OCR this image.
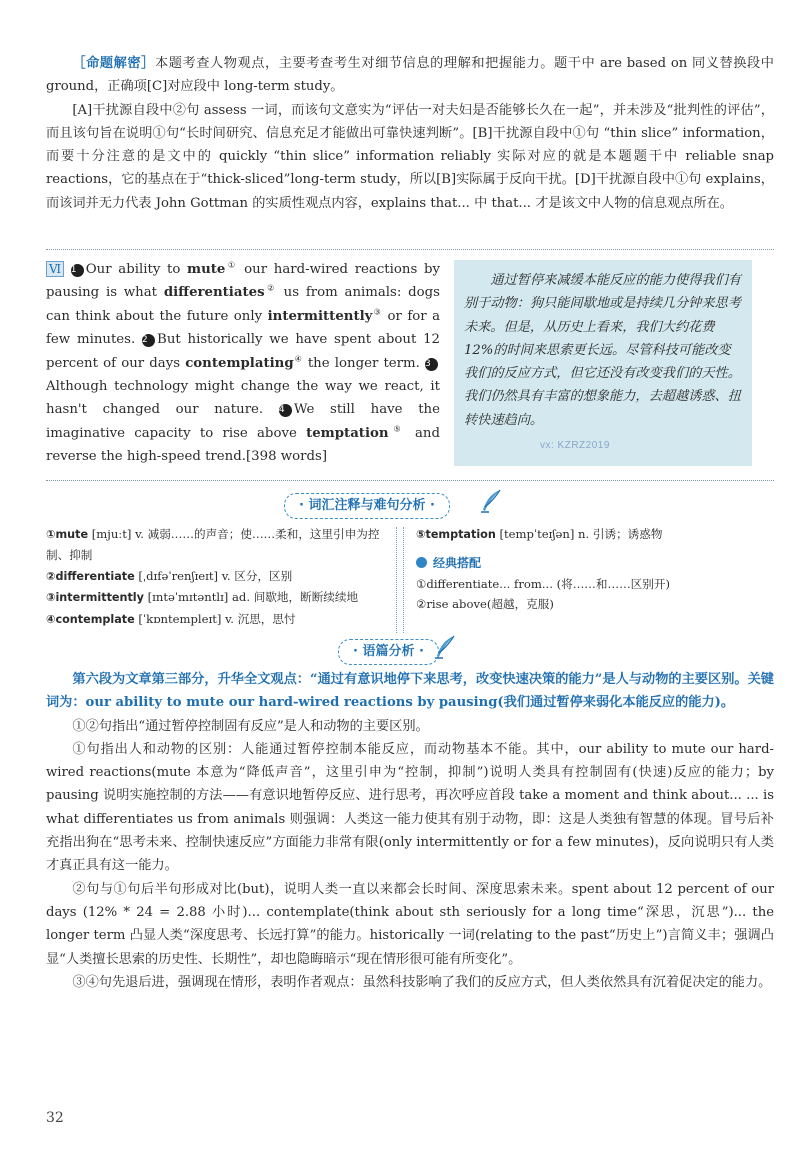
［命题解密］本题考查人物观点，主要考查考生对细节信息的理解和把握能力。题干中 are based on 同义替换段中 ground，正确项[C]对应段中 long-term study。

[A]干扰源自段中②句 assess 一词，而该句文意实为“评估一对夫妇是否能够长久在一起”，并未涉及“批判性的评估”，而且该句旨在说明①句“长时间研究、信息充足才能做出可靠快速判断”。[B]干扰源自段中①句 “thin slice” information，而要十分注意的是文中的 quickly “thin slice” information reliably 实际对应的就是本题题干中 reliable snap reactions，它的基点在于“thick-sliced”long-term study，所以[B]实际属于反向干扰。[D]干扰源自段中①句 explains，而该词并无力代表 John Gottman 的实质性观点内容，explains that... 中 that... 才是该文中人物的信息观点所在。

Ⅵ 1 Our ability to mute① our hard-wired reactions by pausing is what differentiates② us from animals: dogs can think about the future only intermittently③ or for a few minutes. 2 But historically we have spent about 12 percent of our days contemplating④ the longer term. 3Although technology might change the way we react, it hasn't changed our nature. 4 We still have the imaginative capacity to rise above temptation⑤ and reverse the high-speed trend.[398 words]
通过暂停来减缓本能反应的能力使得我们有别于动物：狗只能间歇地或是持续几分钟来思考未来。但是，从历史上看来，我们大约花费12%的时间来思索更长远。尽管科技可能改变我们的反应方式，但它还没有改变我们的天性。我们仍然具有丰富的想象能力，去超越诱惑、扭转快速趋向。
vx: KZRZ2019
· 词汇注释与难句分析 ·
①mute [mjuːt] v. 减弱……的声音；使……柔和，这里引申为控制、抑制
②differentiate [ˌdɪfəˈrenʃɪeɪt] v. 区分，区别
③intermittently [ɪntəˈmɪtəntlɪ] ad. 间歇地，断断续续地
④contemplate [ˈkɒntemplеɪt] v. 沉思，思忖
⑤temptation [tempˈteɪʃən] n. 引诱；诱惑物
经典搭配
①differentiate... from... (将……和……区别开)
②rise above(超越，克服)
· 语篇分析 ·

第六段为文章第三部分，升华全文观点：“通过有意识地停下来思考，改变快速决策的能力”是人与动物的主要区别。关键词为：our ability to mute our hard-wired reactions by pausing(我们通过暂停来弱化本能反应的能力)。

①②句指出“通过暂停控制固有反应”是人和动物的主要区别。

①句指出人和动物的区别：人能通过暂停控制本能反应，而动物基本不能。其中，our ability to mute our hard-wired reactions(mute 本意为“降低声音”，这里引申为“控制，抑制”)说明人类具有控制固有(快速)反应的能力；by pausing 说明实施控制的方法——有意识地暂停反应、进行思考，再次呼应首段 take a moment and think about... ... is what differentiates us from animals 则强调：人类这一能力使其有别于动物，即：这是人类独有智慧的体现。冒号后补充指出狗在“思考未来、控制快速反应”方面能力非常有限(only intermittently or for a few minutes)，反向说明只有人类才真正具有这一能力。

②句与①句后半句形成对比(but)，说明人类一直以来都会长时间、深度思索未来。spent about 12 percent of our days (12% * 24 = 2.88 小时)... contemplate(think about sth seriously for a long time“深思，沉思”)... the longer term 凸显人类“深度思考、长远打算”的能力。historically 一词(relating to the past“历史上”)言简义丰；强调凸显“人类擅长思索的历史性、长期性”，却也隐晦暗示“现在情形很可能有所变化”。

③④句先退后进，强调现在情形，表明作者观点：虽然科技影响了我们的反应方式，但人类依然具有沉着促决定的能力。

32
